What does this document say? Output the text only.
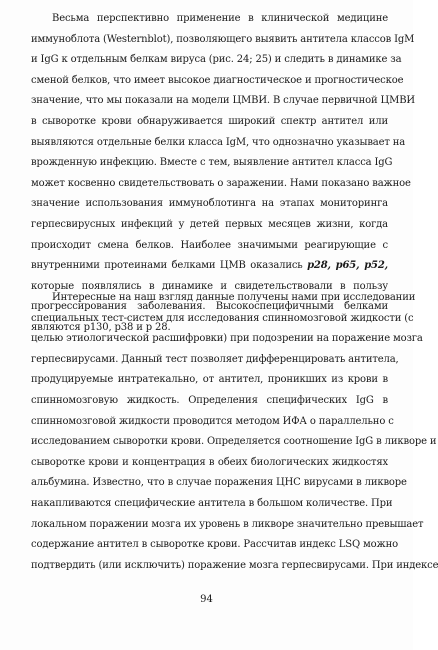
Весьма перспективно применение в клинической медицине
иммуноблота (Westernblot), позволяющего выявить антитела классов IgM
и IgG к отдельным белкам вируса (рис. 24; 25) и следить в динамике за
сменой белков, что имеет высокое диагностическое и прогностическое
значение, что мы показали на модели ЦМВИ. В случае первичной ЦМВИ
в сыворотке крови обнаруживается широкий спектр антител или
выявляются отдельные белки класса IgM, что однозначно указывает на
врожденную инфекцию. Вместе с тем, выявление антител класса IgG
может косвенно свидетельствовать о заражении. Нами показано важное
значение использования иммуноблотинга на этапах мониторинга
герпесвирусных инфекций у детей первых месяцев жизни, когда
происходит смена белков. Наиболее значимыми реагирующие с
внутренними протеинами белками ЦМВ оказались p28, p65, p52,
которые появлялись в динамике и свидетельствовали в пользу
прогрессирования заболевания. Высокоспецифичными белками
являются p130, p38 и p 28.
Интересные на наш взгляд данные получены нами при исследовании
специальных тест-систем для исследования спинномозговой жидкости (с
целью этиологической расшифровки) при подозрении на поражение мозга
герпесвирусами. Данный тест позволяет дифференцировать антитела,
продуцируемые интратекально, от антител, проникших из крови в
спинномозговую жидкость. Определения специфических IgG в
спинномозговой жидкости проводится методом ИФА о параллельно с
исследованием сыворотки крови. Определяется соотношение IgG в ликворе и
сыворотке крови и концентрация в обеих биологических жидкостях
альбумина. Известно, что в случае поражения ЦНС вирусами в ликворе
накапливаются специфические антитела в большом количестве. При
локальном поражении мозга их уровень в ликворе значительно превышает
содержание антител в сыворотке крови. Рассчитав индекс LSQ можно
подтвердить (или исключить) поражение мозга герпесвирусами. При индексе
94
